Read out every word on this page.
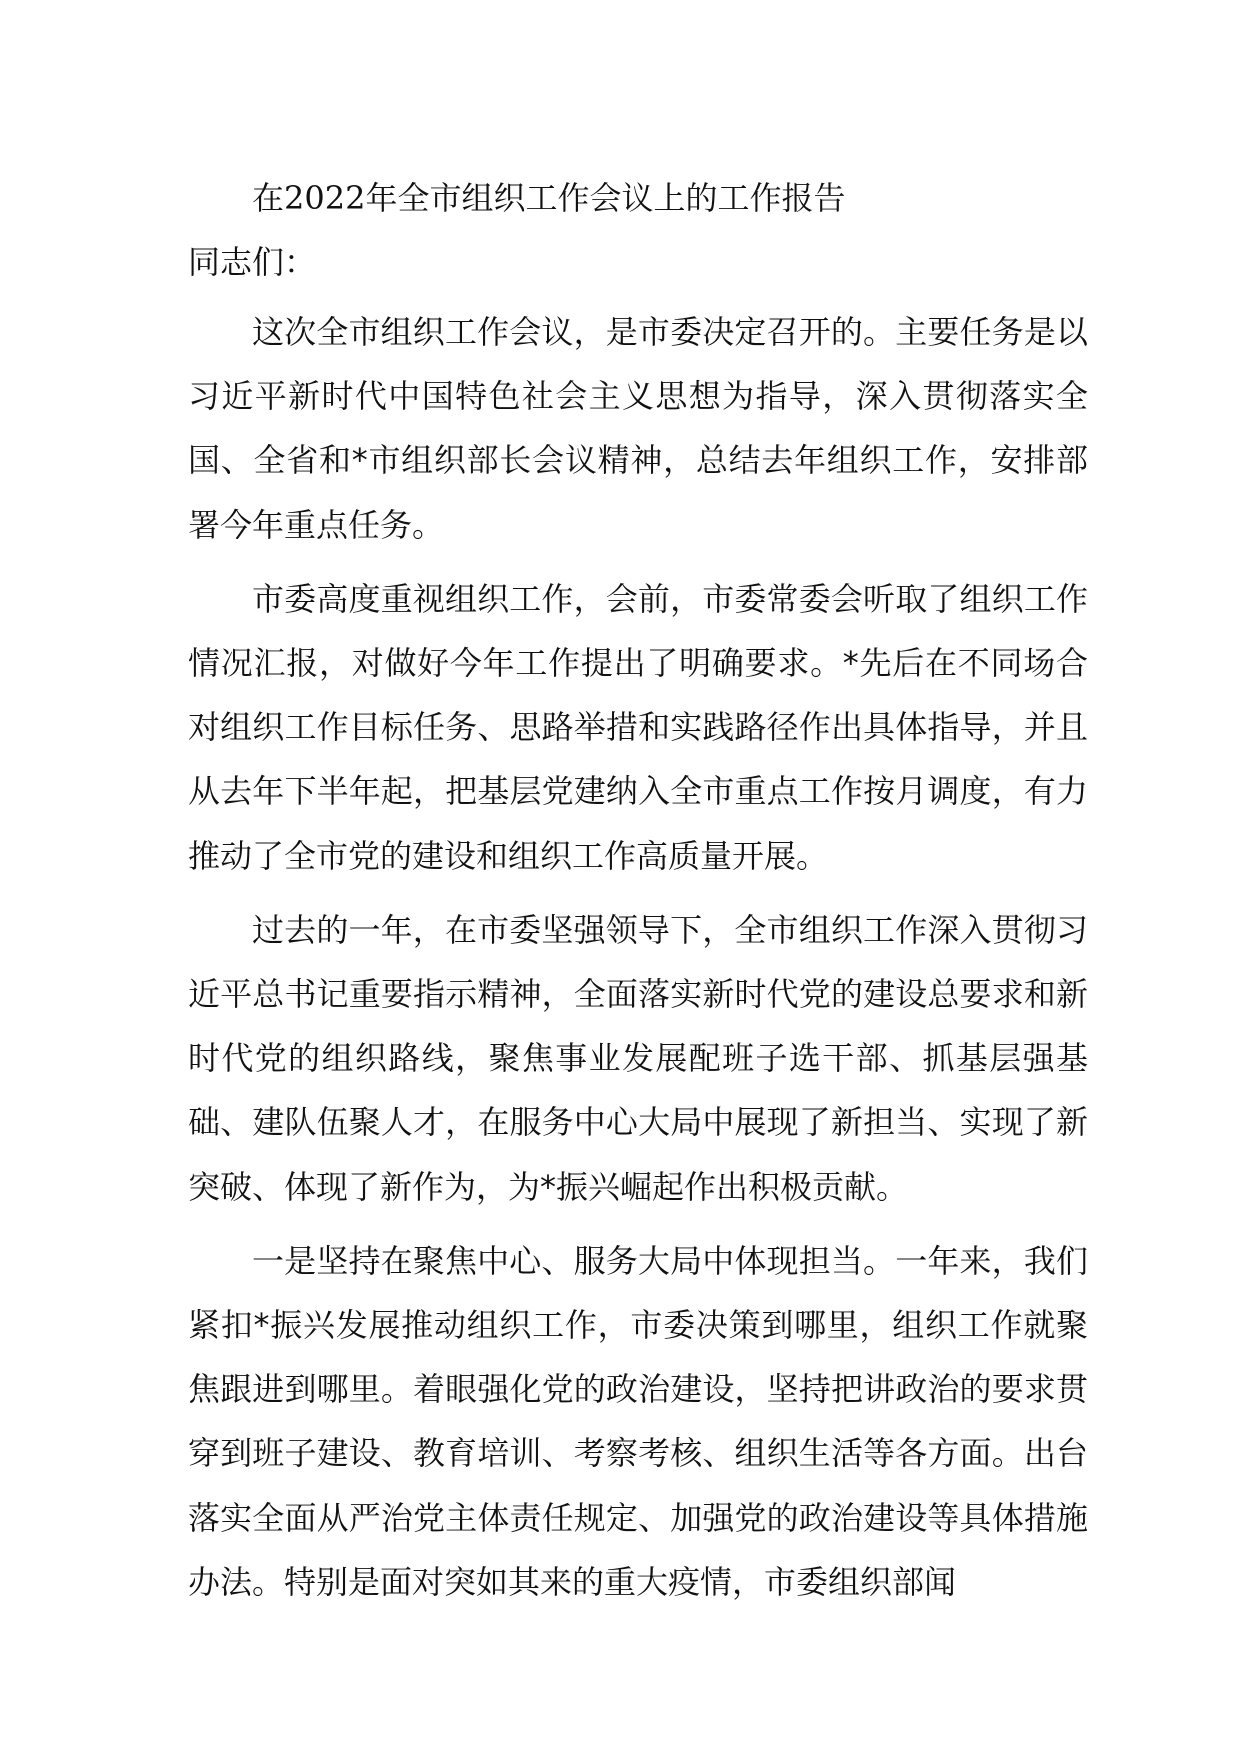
在2022年全市组织工作会议上的工作报告
同志们：

这次全市组织工作会议，是市委决定召开的。主要任务是以习近平新时代中国特色社会主义思想为指导，深入贯彻落实全国、全省和*市组织部长会议精神，总结去年组织工作，安排部署今年重点任务。

市委高度重视组织工作，会前，市委常委会听取了组织工作情况汇报，对做好今年工作提出了明确要求。*先后在不同场合对组织工作目标任务、思路举措和实践路径作出具体指导，并且从去年下半年起，把基层党建纳入全市重点工作按月调度，有力推动了全市党的建设和组织工作高质量开展。

过去的一年，在市委坚强领导下，全市组织工作深入贯彻习近平总书记重要指示精神，全面落实新时代党的建设总要求和新时代党的组织路线，聚焦事业发展配班子选干部、抓基层强基础、建队伍聚人才，在服务中心大局中展现了新担当、实现了新突破、体现了新作为，为*振兴崛起作出积极贡献。

一是坚持在聚焦中心、服务大局中体现担当。一年来，我们紧扣*振兴发展推动组织工作，市委决策到哪里，组织工作就聚焦跟进到哪里。着眼强化党的政治建设，坚持把讲政治的要求贯穿到班子建设、教育培训、考察考核、组织生活等各方面。出台落实全面从严治党主体责任规定、加强党的政治建设等具体措施办法。特别是面对突如其来的重大疫情，市委组织部闻
